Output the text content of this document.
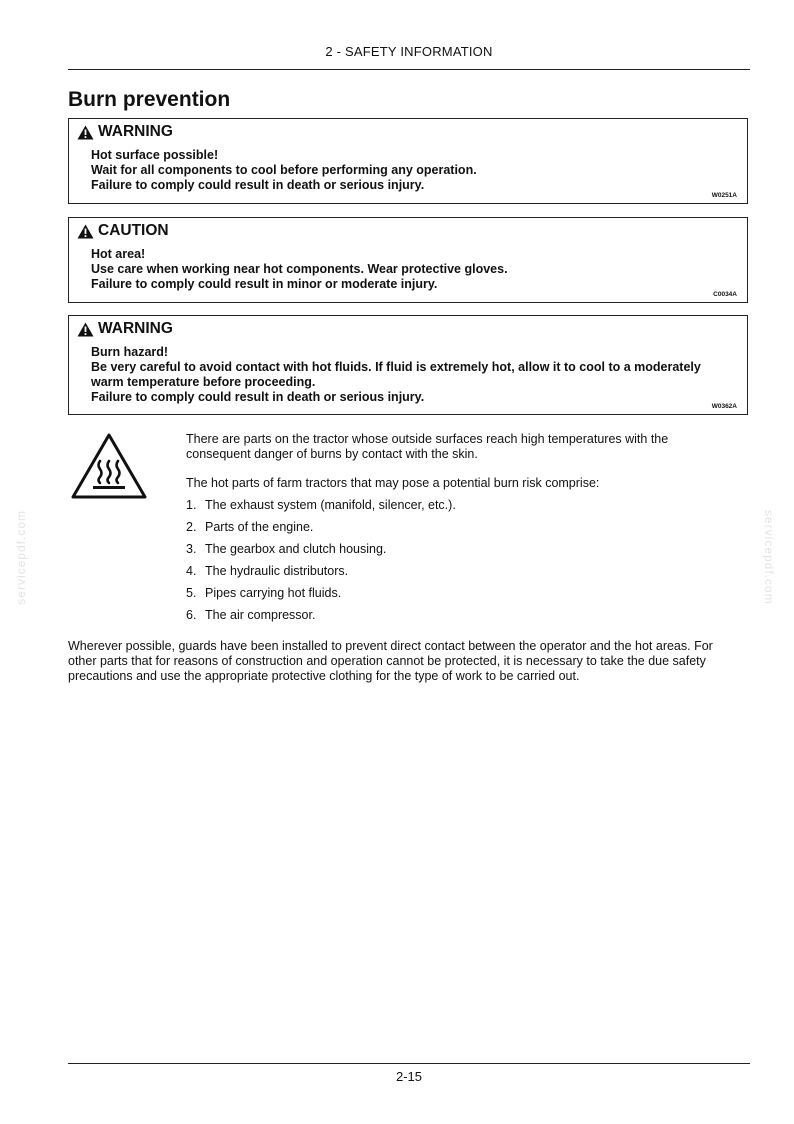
2 - SAFETY INFORMATION
Burn prevention
WARNING
Hot surface possible!
Wait for all components to cool before performing any operation.
Failure to comply could result in death or serious injury.
W0251A
CAUTION
Hot area!
Use care when working near hot components. Wear protective gloves.
Failure to comply could result in minor or moderate injury.
C0034A
WARNING
Burn hazard!
Be very careful to avoid contact with hot fluids. If fluid is extremely hot, allow it to cool to a moderately
warm temperature before proceeding.
Failure to comply could result in death or serious injury.
W0362A

There are parts on the tractor whose outside surfaces reach high temperatures with the
consequent danger of burns by contact with the skin.

The hot parts of farm tractors that may pose a potential burn risk comprise:

1. The exhaust system (manifold, silencer, etc.).
2. Parts of the engine.
3. The gearbox and clutch housing.
4. The hydraulic distributors.
5. Pipes carrying hot fluids.
6. The air compressor.

Wherever possible, guards have been installed to prevent direct contact between the operator and the hot areas. For
other parts that for reasons of construction and operation cannot be protected, it is necessary to take the due safety
precautions and use the appropriate protective clothing for the type of work to be carried out.

servicepdf.com	servicepdf.com
2-15
